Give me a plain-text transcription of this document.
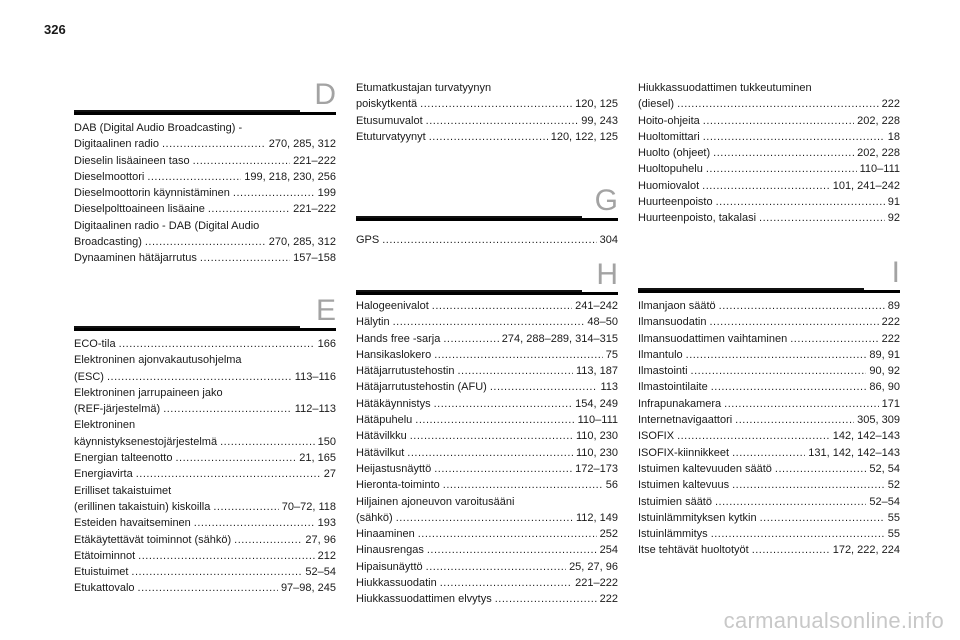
326
D
DAB (Digital Audio Broadcasting) -
Digitaalinen radio .....	270, 285, 312
Dieselin lisäaineen taso .....	221–222
Dieselmoottori .....	199, 218, 230, 256
Dieselmoottorin käynnistäminen .....	199
Dieselpolttoaineen lisäaine .....	221–222
Digitaalinen radio - DAB (Digital Audio
Broadcasting) .....	270, 285, 312
Dynaaminen hätäjarrutus .....	157–158
E
ECO-tila .....	166
Elektroninen ajonvakautusohjelma
(ESC) .....	113–116
Elektroninen jarrupaineen jako
(REF-järjestelmä) .....	112–113
Elektroninen
käynnistyksenestojärjestelmä .....	150
Energian talteenotto .....	21, 165
Energiavirta .....	27
Erilliset takaistuimet
(erillinen takaistuin) kiskoilla .....	70–72, 118
Esteiden havaitseminen .....	193
Etäkäytettävät toiminnot (sähkö) .....	27, 96
Etätoiminnot .....	212
Etuistuimet .....	52–54
Etukattovalo .....	97–98, 245
Etumatkustajan turvatyynyn
poiskytkentä .....	120, 125
Etusumuvalot .....	99, 243
Etuturvatyynyt .....	120, 122, 125
G
GPS .....	304
H
Halogeenivalot .....	241–242
Hälytin .....	48–50
Hands free -sarja .....	274, 288–289, 314–315
Hansikaslokero .....	75
Hätäjarrutustehostin .....	113, 187
Hätäjarrutustehostin (AFU) .....	113
Hätäkäynnistys .....	154, 249
Hätäpuhelu .....	110–111
Hätävilkku .....	110, 230
Hätävilkut .....	110, 230
Heijastusnäyttö .....	172–173
Hieronta-toiminto .....	56
Hiljainen ajoneuvon varoitusääni
(sähkö) .....	112, 149
Hinaaminen .....	252
Hinausrengas .....	254
Hipaisunäyttö .....	25, 27, 96
Hiukkassuodatin .....	221–222
Hiukkassuodattimen elvytys .....	222
Hiukkassuodattimen tukkeutuminen
(diesel) .....	222
Hoito-ohjeita .....	202, 228
Huoltomittari .....	18
Huolto (ohjeet) .....	202, 228
Huoltopuhelu .....	110–111
Huomiovalot .....	101, 241–242
Huurteenpoisto .....	91
Huurteenpoisto, takalasi .....	92
I
Ilmanjaon säätö .....	89
Ilmansuodatin .....	222
Ilmansuodattimen vaihtaminen .....	222
Ilmantulo .....	89, 91
Ilmastointi .....	90, 92
Ilmastointilaite .....	86, 90
Infrapunakamera .....	171
Internetnavigaattori .....	305, 309
ISOFIX .....	142, 142–143
ISOFIX-kiinnikkeet .....	131, 142, 142–143
Istuimen kaltevuuden säätö .....	52, 54
Istuimen kaltevuus .....	52
Istuimien säätö .....	52–54
Istuinlämmityksen kytkin .....	55
Istuinlämmitys .....	55
Itse tehtävät huoltotyöt .....	172, 222, 224
carmanualsonline.info
